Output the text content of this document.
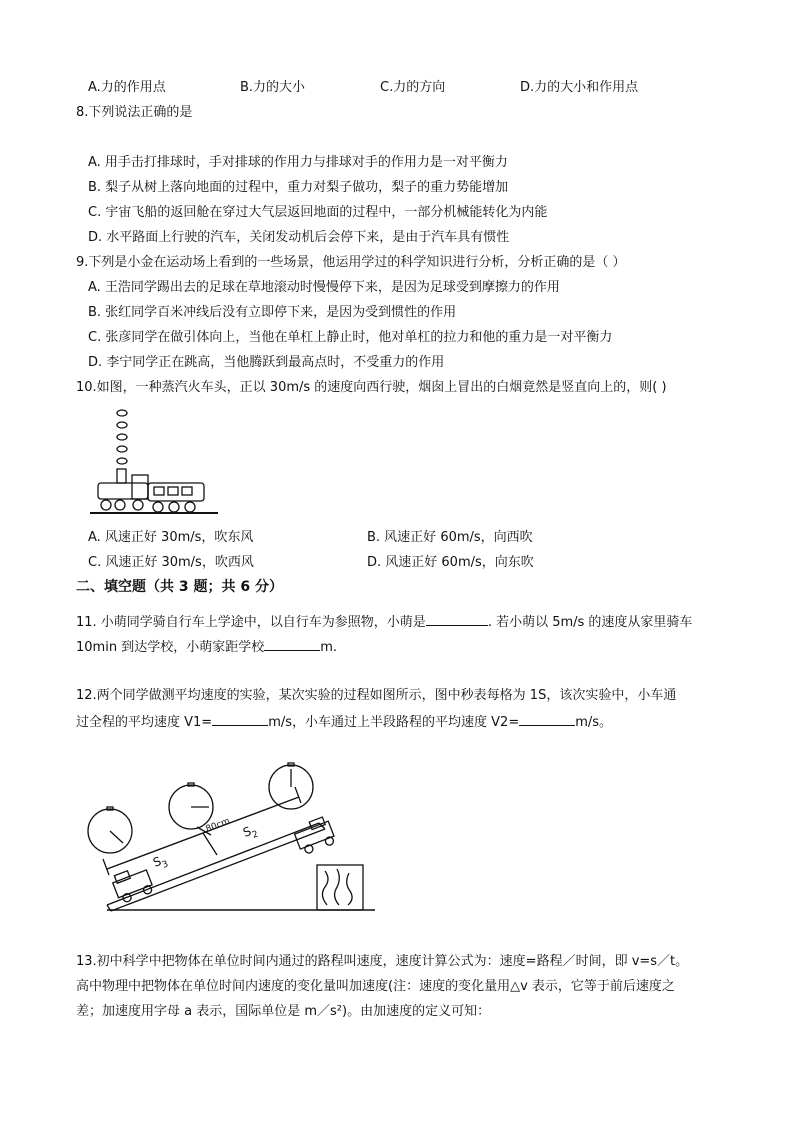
A.力的作用点	B.力的大小	C.力的方向	D.力的大小和作用点
8.下列说法正确的是
A. 用手击打排球时，手对排球的作用力与排球对手的作用力是一对平衡力
B. 梨子从树上落向地面的过程中，重力对梨子做功，梨子的重力势能增加
C. 宇宙飞船的返回舱在穿过大气层返回地面的过程中，一部分机械能转化为内能
D. 水平路面上行驶的汽车，关闭发动机后会停下来，是由于汽车具有惯性
9.下列是小金在运动场上看到的一些场景，他运用学过的科学知识进行分析，分析正确的是（ ）
A. 王浩同学踢出去的足球在草地滚动时慢慢停下来，是因为足球受到摩擦力的作用
B. 张红同学百米冲线后没有立即停下来，是因为受到惯性的作用
C. 张彦同学在做引体向上，当他在单杠上静止时，他对单杠的拉力和他的重力是一对平衡力
D. 李宁同学正在跳高，当他腾跃到最高点时，不受重力的作用
10.如图，一种蒸汽火车头，正以 30m/s 的速度向西行驶，烟囱上冒出的白烟竟然是竖直向上的，则( )
A. 风速正好 30m/s，吹东风	B. 风速正好 60m/s，向西吹
C. 风速正好 30m/s，吹西风	D. 风速正好 60m/s，向东吹
二、填空题（共 3 题；共 6 分）
11. 小萌同学骑自行车上学途中，以自行车为参照物，小萌是	. 若小萌以 5m/s 的速度从家里骑车
10min 到达学校，小萌家距学校	m.
12.两个同学做测平均速度的实验，某次实验的过程如图所示，图中秒表每格为 1S，该次实验中，小车通
过全程的平均速度 V1=	m/s，小车通过上半段路程的平均速度 V2=	m/s。
80cm $S_2$
$S_3$
13.初中科学中把物体在单位时间内通过的路程叫速度，速度计算公式为：速度=路程／时间，即 v=s／t。
高中物理中把物体在单位时间内速度的变化量叫加速度(注：速度的变化量用△v 表示，它等于前后速度之
差；加速度用字母 a 表示，国际单位是 m／s²)。由加速度的定义可知：
